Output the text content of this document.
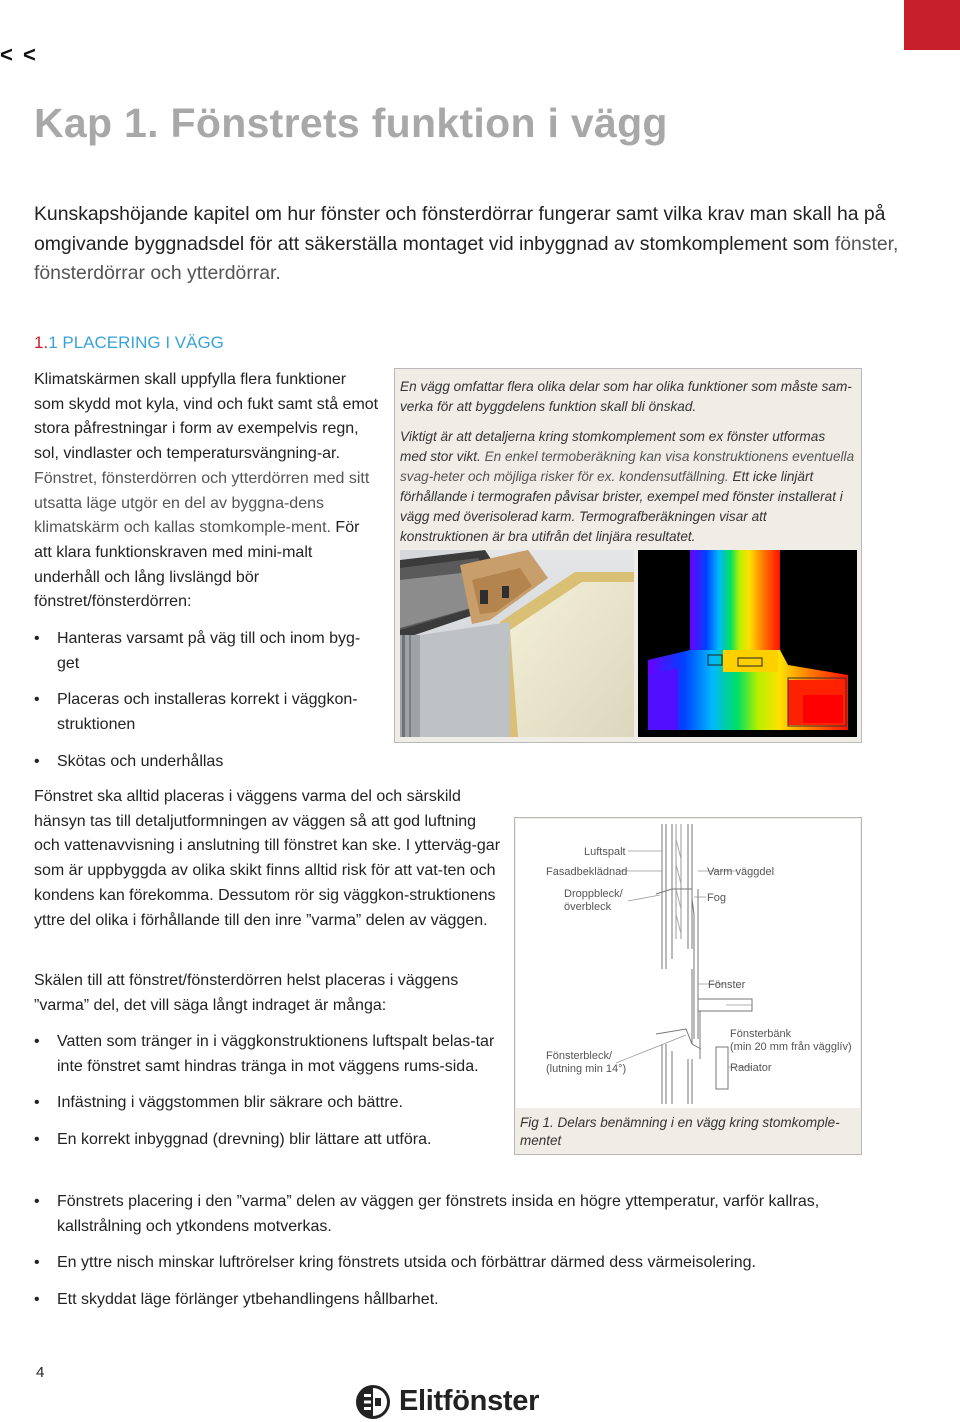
< <
Kap 1. Fönstrets funktion i vägg

Kunskapshöjande kapitel om hur fönster och fönsterdörrar fungerar samt vilka krav man skall ha på omgivande byggnadsdel för att säkerställa montaget vid inbyggnad av stomkomplement som fönster, fönsterdörrar och ytterdörrar.

1.1 PLACERING I VÄGG

Klimatskärmen skall uppfylla flera funktioner som skydd mot kyla, vind och fukt samt stå emot stora påfrestningar i form av exempelvis regn, sol, vindlaster och temperatursvängning-ar. Fönstret, fönsterdörren och ytterdörren med sitt utsatta läge utgör en del av byggna-dens klimatskärm och kallas stomkomple-ment. För att klara funktionskraven med mini-malt underhåll och lång livslängd bör fönstret/fönsterdörren:

• Hanteras varsamt på väg till och inom byg-get
• Placeras och installeras korrekt i väggkon-struktionen
• Skötas och underhållas

Fönstret ska alltid placeras i väggens varma del och särskild hänsyn tas till detaljutformningen av väggen så att god luftning och vattenavvisning i anslutning till fönstret kan ske. I ytterväg-gar som är uppbyggda av olika skikt finns alltid risk för att vat-ten och kondens kan förekomma. Dessutom rör sig väggkon-struktionens yttre del olika i förhållande till den inre ”varma” delen av väggen.

Skälen till att fönstret/fönsterdörren helst placeras i väggens ”varma” del, det vill säga långt indraget är många:

• Vatten som tränger in i väggkonstruktionens luftspalt belas-tar inte fönstret samt hindras tränga in mot väggens rums-sida.
• Infästning i väggstommen blir säkrare och bättre.
• En korrekt inbyggnad (drevning) blir lättare att utföra.
• Fönstrets placering i den ”varma” delen av väggen ger fönstrets insida en högre yttemperatur, varför kallras, kallstrålning och ytkondens motverkas.
• En yttre nisch minskar luftrörelser kring fönstrets utsida och förbättrar därmed dess värmeisolering.
• Ett skyddat läge förlänger ytbehandlingens hållbarhet.

En vägg omfattar flera olika delar som har olika funktioner som måste sam-verka för att byggdelens funktion skall bli önskad.

Viktigt är att detaljerna kring stomkomplement som ex fönster utformas med stor vikt. En enkel termoberäkning kan visa konstruktionens eventuella svag-heter och möjliga risker för ex. kondensutfällning. Ett icke linjärt förhållande i termografen påvisar brister, exempel med fönster installerat i vägg med överisolerad karm. Termografberäkningen visar att konstruktionen är bra utifrån det linjära resultatet.

Luftspalt
Fasadbeklädnad
Droppbleck/
överbleck
Varm väggdel
Fog
Fönster
Fönsterbänk
(min 20 mm från vägglív)
Fönsterbleck/
(lutning min 14°)	Radiator

Fig 1. Delars benämning i en vägg kring stomkomple-mentet

4
Elitfönster
